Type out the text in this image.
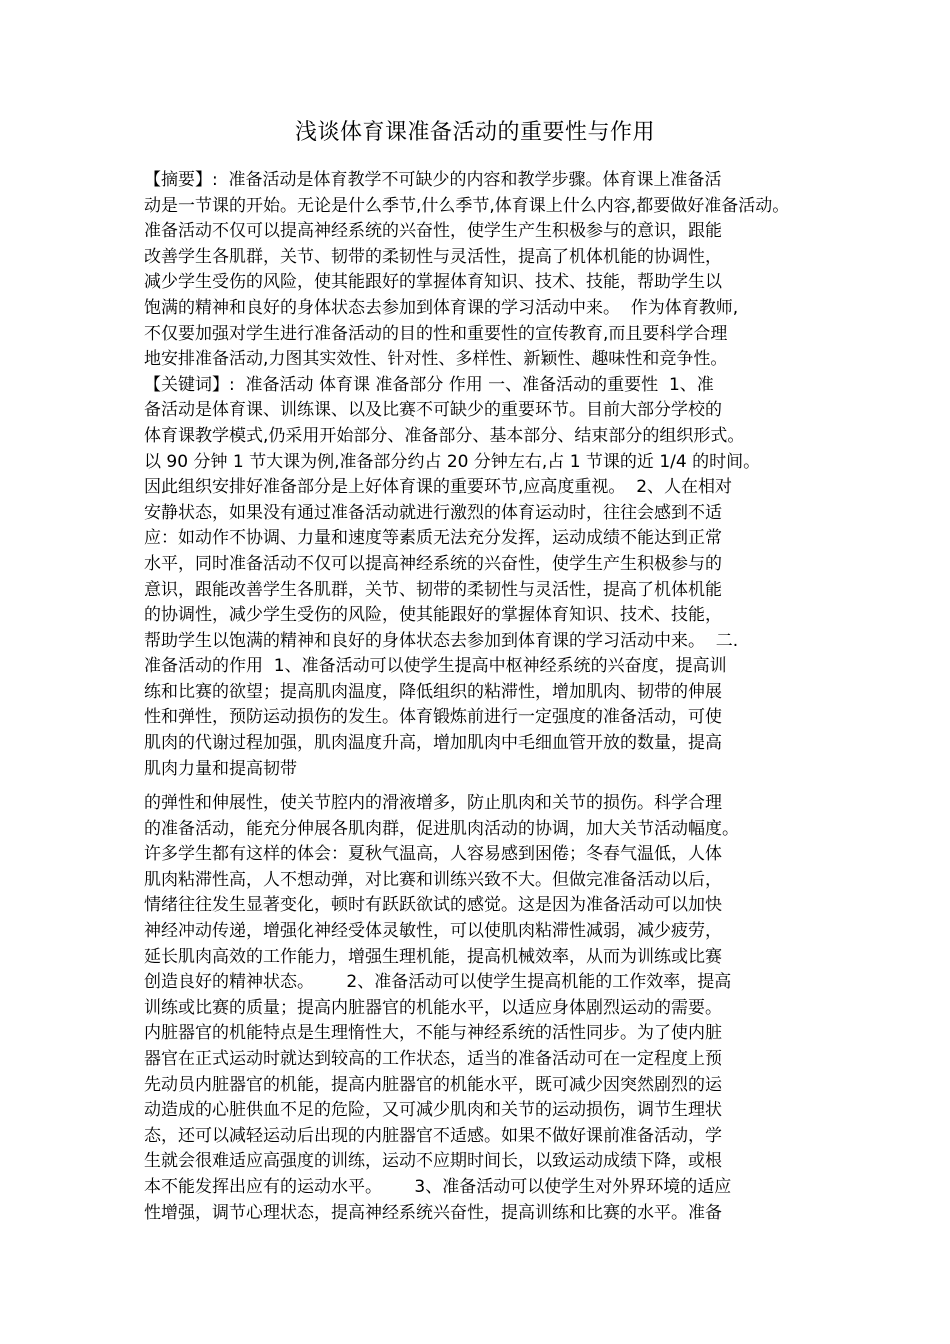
浅谈体育课准备活动的重要性与作用
【摘要】:  准备活动是体育教学不可缺少的内容和教学步骤。体育课上准备活
动是一节课的开始。无论是什么季节,什么季节,体育课上什么内容,都要做好准备活动。
准备活动不仅可以提高神经系统的兴奋性，使学生产生积极参与的意识，跟能
改善学生各肌群，关节、韧带的柔韧性与灵活性，提高了机体机能的协调性，
减少学生受伤的风险，使其能跟好的掌握体育知识、技术、技能，帮助学生以
饱满的精神和良好的身体状态去参加到体育课的学习活动中来。  作为体育教师,
不仅要加强对学生进行准备活动的目的性和重要性的宣传教育,而且要科学合理
地安排准备活动,力图其实效性、针对性、多样性、新颖性、趣味性和竞争性。
【关键词】:  准备活动 体育课 准备部分 作用 一、准备活动的重要性  1、准
备活动是体育课、训练课、以及比赛不可缺少的重要环节。目前大部分学校的
体育课教学模式,仍采用开始部分、准备部分、基本部分、结束部分的组织形式。
以 90 分钟 1 节大课为例,准备部分约占 20 分钟左右,占 1 节课的近 1/4 的时间。
因此组织安排好准备部分是上好体育课的重要环节,应高度重视。  2、人在相对
安静状态，如果没有通过准备活动就进行激烈的体育运动时，往往会感到不适
应：如动作不协调、力量和速度等素质无法充分发挥，运动成绩不能达到正常
水平，同时准备活动不仅可以提高神经系统的兴奋性，使学生产生积极参与的
意识，跟能改善学生各肌群，关节、韧带的柔韧性与灵活性，提高了机体机能
的协调性，减少学生受伤的风险，使其能跟好的掌握体育知识、技术、技能，
帮助学生以饱满的精神和良好的身体状态去参加到体育课的学习活动中来。  二.
准备活动的作用  1、准备活动可以使学生提高中枢神经系统的兴奋度，提高训
练和比赛的欲望；提高肌肉温度，降低组织的粘滞性，增加肌肉、韧带的伸展
性和弹性，预防运动损伤的发生。体育锻炼前进行一定强度的准备活动，可使
肌肉的代谢过程加强，肌肉温度升高，增加肌肉中毛细血管开放的数量，提高
肌肉力量和提高韧带
的弹性和伸展性，使关节腔内的滑液增多，防止肌肉和关节的损伤。科学合理
的准备活动，能充分伸展各肌肉群，促进肌肉活动的协调，加大关节活动幅度。
许多学生都有这样的体会：夏秋气温高，人容易感到困倦；冬春气温低，人体
肌肉粘滞性高，人不想动弹，对比赛和训练兴致不大。但做完准备活动以后，
情绪往往发生显著变化，顿时有跃跃欲试的感觉。这是因为准备活动可以加快
神经冲动传递，增强化神经受体灵敏性，可以使肌肉粘滞性减弱，减少疲劳，
延长肌肉高效的工作能力，增强生理机能，提高机械效率，从而为训练或比赛
创造良好的精神状态。      2、准备活动可以使学生提高机能的工作效率，提高
训练或比赛的质量；提高内脏器官的机能水平，以适应身体剧烈运动的需要。
内脏器官的机能特点是生理惰性大，不能与神经系统的活性同步。为了使内脏
器官在正式运动时就达到较高的工作状态，适当的准备活动可在一定程度上预
先动员内脏器官的机能，提高内脏器官的机能水平，既可减少因突然剧烈的运
动造成的心脏供血不足的危险，又可减少肌肉和关节的运动损伤，调节生理状
态，还可以减轻运动后出现的内脏器官不适感。如果不做好课前准备活动，学
生就会很难适应高强度的训练，运动不应期时间长，以致运动成绩下降，或根
本不能发挥出应有的运动水平。      3、准备活动可以使学生对外界环境的适应
性增强，调节心理状态，提高神经系统兴奋性，提高训练和比赛的水平。准备
